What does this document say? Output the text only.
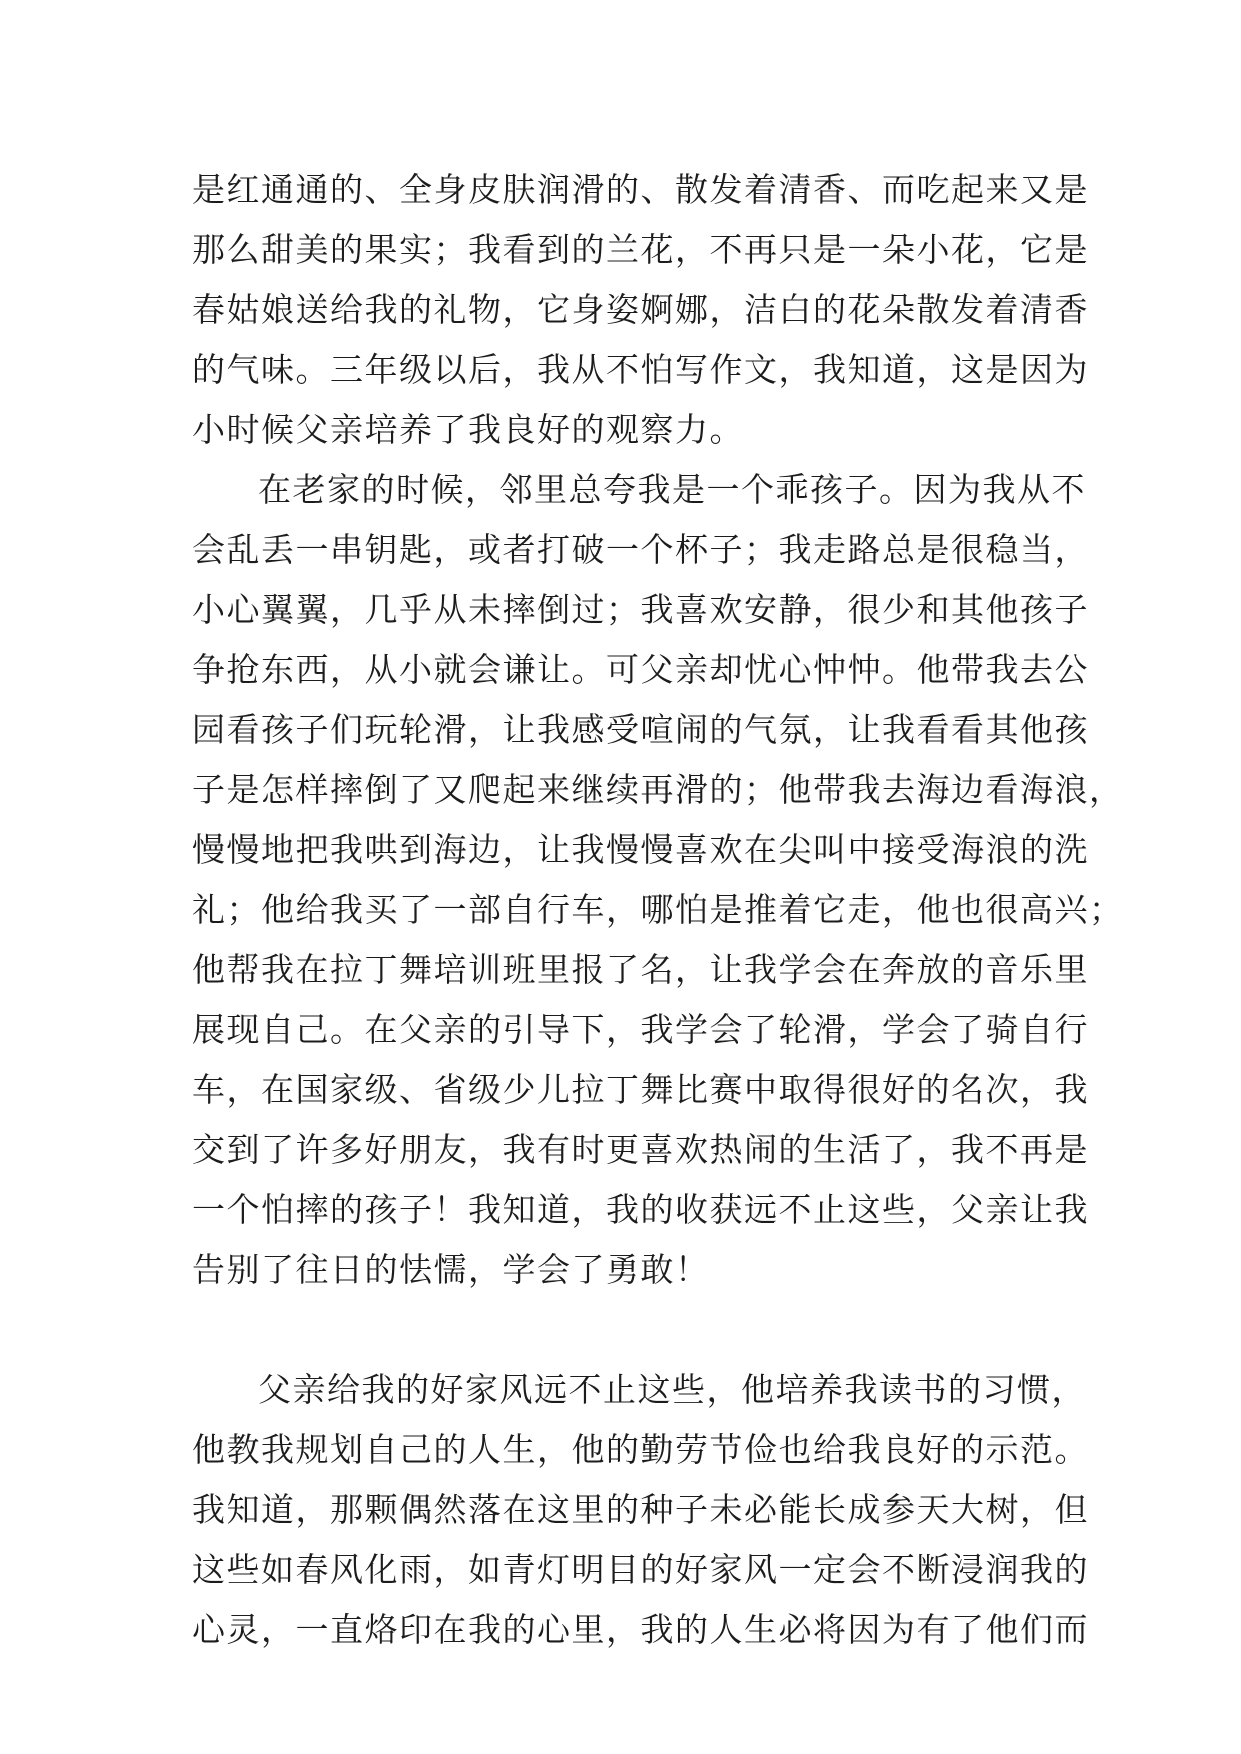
是红通通的、全身皮肤润滑的、散发着清香、而吃起来又是
那么甜美的果实；我看到的兰花，不再只是一朵小花，它是
春姑娘送给我的礼物，它身姿婀娜，洁白的花朵散发着清香
的气味。三年级以后，我从不怕写作文，我知道，这是因为
小时候父亲培养了我良好的观察力。
在老家的时候，邻里总夸我是一个乖孩子。因为我从不
会乱丢一串钥匙，或者打破一个杯子；我走路总是很稳当，
小心翼翼，几乎从未摔倒过；我喜欢安静，很少和其他孩子
争抢东西，从小就会谦让。可父亲却忧心忡忡。他带我去公
园看孩子们玩轮滑，让我感受喧闹的气氛，让我看看其他孩
子是怎样摔倒了又爬起来继续再滑的；他带我去海边看海浪，
慢慢地把我哄到海边，让我慢慢喜欢在尖叫中接受海浪的洗
礼；他给我买了一部自行车，哪怕是推着它走，他也很高兴；
他帮我在拉丁舞培训班里报了名，让我学会在奔放的音乐里
展现自己。在父亲的引导下，我学会了轮滑，学会了骑自行
车，在国家级、省级少儿拉丁舞比赛中取得很好的名次，我
交到了许多好朋友，我有时更喜欢热闹的生活了，我不再是
一个怕摔的孩子！我知道，我的收获远不止这些，父亲让我
告别了往日的怯懦，学会了勇敢！
父亲给我的好家风远不止这些，他培养我读书的习惯，
他教我规划自己的人生，他的勤劳节俭也给我良好的示范。
我知道，那颗偶然落在这里的种子未必能长成参天大树，但
这些如春风化雨，如青灯明目的好家风一定会不断浸润我的
心灵，一直烙印在我的心里，我的人生必将因为有了他们而
